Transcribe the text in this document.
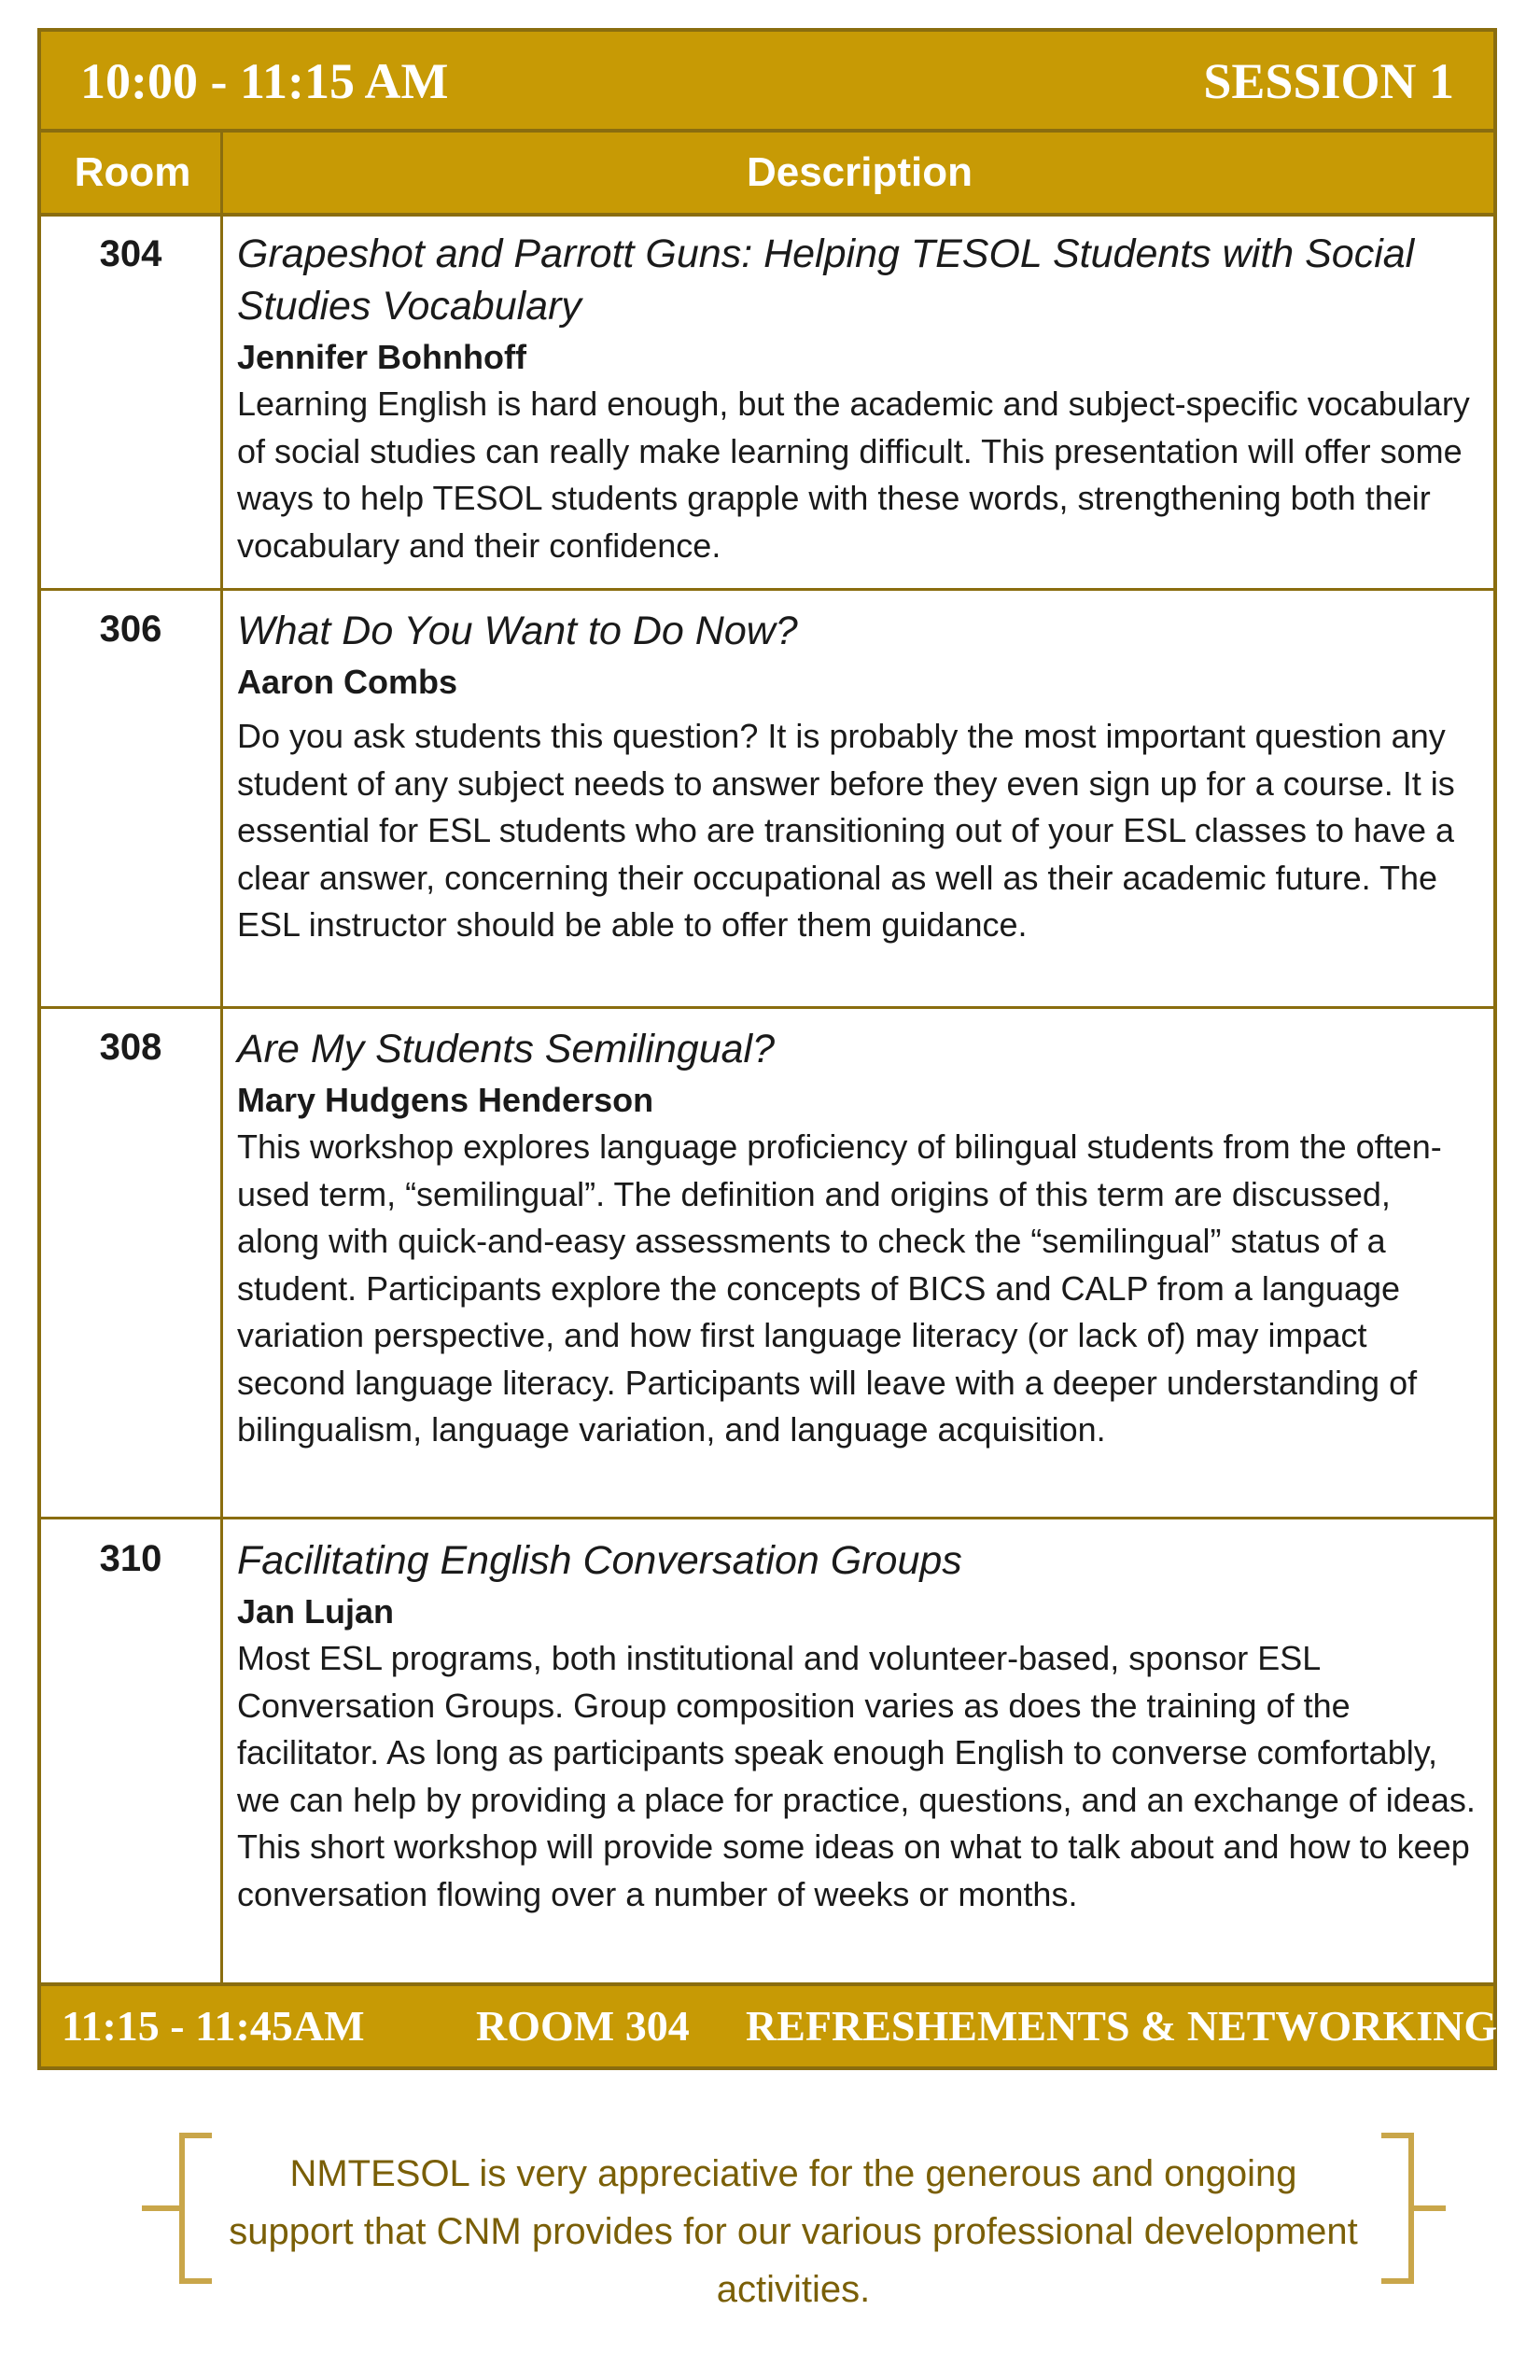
10:00 - 11:15 AM	SESSION 1
Room	Description
304	Grapeshot and Parrott Guns: Helping TESOL Students with Social Studies Vocabulary
Jennifer Bohnhoff
Learning English is hard enough, but the academic and subject-specific vocabulary of social studies can really make learning difficult. This presentation will offer some ways to help TESOL students grapple with these words, strengthening both their vocabulary and their confidence.
306	What Do You Want to Do Now?
Aaron Combs
Do you ask students this question? It is probably the most important question any student of any subject needs to answer before they even sign up for a course. It is essential for ESL students who are transitioning out of your ESL classes to have a clear answer, concerning their occupational as well as their academic future. The ESL instructor should be able to offer them guidance.
308	Are My Students Semilingual?
Mary Hudgens Henderson
This workshop explores language proficiency of bilingual students from the often-used term, “semilingual”. The definition and origins of this term are discussed, along with quick-and-easy assessments to check the “semilingual” status of a student. Participants explore the concepts of BICS and CALP from a language variation perspective, and how first language literacy (or lack of) may impact second language literacy. Participants will leave with a deeper understanding of bilingualism, language variation, and language acquisition.
310	Facilitating English Conversation Groups
Jan Lujan
Most ESL programs, both institutional and volunteer-based, sponsor ESL Conversation Groups. Group composition varies as does the training of the facilitator. As long as participants speak enough English to converse comfortably, we can help by providing a place for practice, questions, and an exchange of ideas. This short workshop will provide some ideas on what to talk about and how to keep conversation flowing over a number of weeks or months.
11:15 - 11:45AM	ROOM 304 REFRESHEMENTS & NETWORKING
NMTESOL is very appreciative for the generous and ongoing support that CNM provides for our various professional development activities.
